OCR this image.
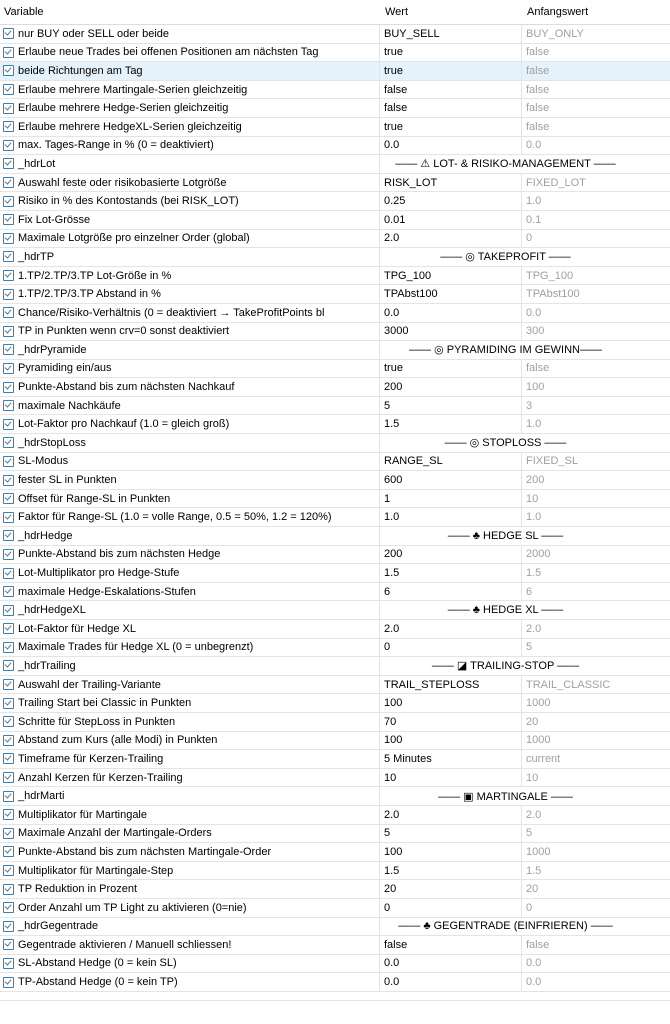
Variable	Wert	Anfangswert
nur BUY oder SELL oder beide	BUY_SELL	BUY_ONLY
Erlaube neue Trades bei offenen Positionen am nächsten Tag	true	false
beide Richtungen am Tag	true	false
Erlaube mehrere Martingale-Serien gleichzeitig	false	false
Erlaube mehrere Hedge-Serien gleichzeitig	false	false
Erlaube mehrere HedgeXL-Serien gleichzeitig	true	false
max. Tages-Range in % (0 = deaktiviert)	0.0	0.0
_hdrLot	—— ⚠ LOT- & RISIKO-MANAGEMENT ——
Auswahl feste oder risikobasierte Lotgröße	RISK_LOT	FIXED_LOT
Risiko in % des Kontostands (bei RISK_LOT)	0.25	1.0
Fix Lot-Grösse	0.01	0.1
Maximale Lotgröße pro einzelner Order (global)	2.0	0
_hdrTP	—— ◎ TAKEPROFIT ——
1.TP/2.TP/3.TP Lot-Größe in %	TPG_100	TPG_100
1.TP/2.TP/3.TP Abstand in %	TPAbst100	TPAbst100
Chance/Risiko-Verhältnis (0 = deaktiviert → TakeProfitPoints bl	0.0	0.0
TP in Punkten wenn crv=0 sonst deaktiviert	3000	300
_hdrPyramide	—— ◎ PYRAMIDING IM GEWINN——
Pyramiding ein/aus	true	false
Punkte-Abstand bis zum nächsten Nachkauf	200	100
maximale Nachkäufe	5	3
Lot-Faktor pro Nachkauf (1.0 = gleich groß)	1.5	1.0
_hdrStopLoss	—— ◎ STOPLOSS ——
SL-Modus	RANGE_SL	FIXED_SL
fester SL in Punkten	600	200
Offset für Range-SL in Punkten	1	10
Faktor für Range-SL (1.0 = volle Range, 0.5 = 50%, 1.2 = 120%)	1.0	1.0
_hdrHedge	—— ♣ HEDGE SL ——
Punkte-Abstand bis zum nächsten Hedge	200	2000
Lot-Multiplikator pro Hedge-Stufe	1.5	1.5
maximale Hedge-Eskalations-Stufen	6	6
_hdrHedgeXL	—— ♣ HEDGE XL ——
Lot-Faktor für Hedge XL	2.0	2.0
Maximale Trades für Hedge XL (0 = unbegrenzt)	0	5
_hdrTrailing	—— ◪ TRAILING-STOP ——
Auswahl der Trailing-Variante	TRAIL_STEPLOSS	TRAIL_CLASSIC
Trailing Start bei Classic in Punkten	100	1000
Schritte für StepLoss in Punkten	70	20
Abstand zum Kurs (alle Modi) in Punkten	100	1000
Timeframe für Kerzen-Trailing	5 Minutes	current
Anzahl Kerzen für Kerzen-Trailing	10	10
_hdrMarti	—— ▣ MARTINGALE ——
Multiplikator für Martingale	2.0	2.0
Maximale Anzahl der Martingale-Orders	5	5
Punkte-Abstand bis zum nächsten Martingale-Order	100	1000
Multiplikator für Martingale-Step	1.5	1.5
TP Reduktion in Prozent	20	20
Order Anzahl um TP Light zu aktivieren (0=nie)	0	0
_hdrGegentrade	—— ♣ GEGENTRADE (EINFRIEREN) ——
Gegentrade aktivieren / Manuell schliessen!	false	false
SL-Abstand Hedge (0 = kein SL)	0.0	0.0
TP-Abstand Hedge (0 = kein TP)	0.0	0.0
